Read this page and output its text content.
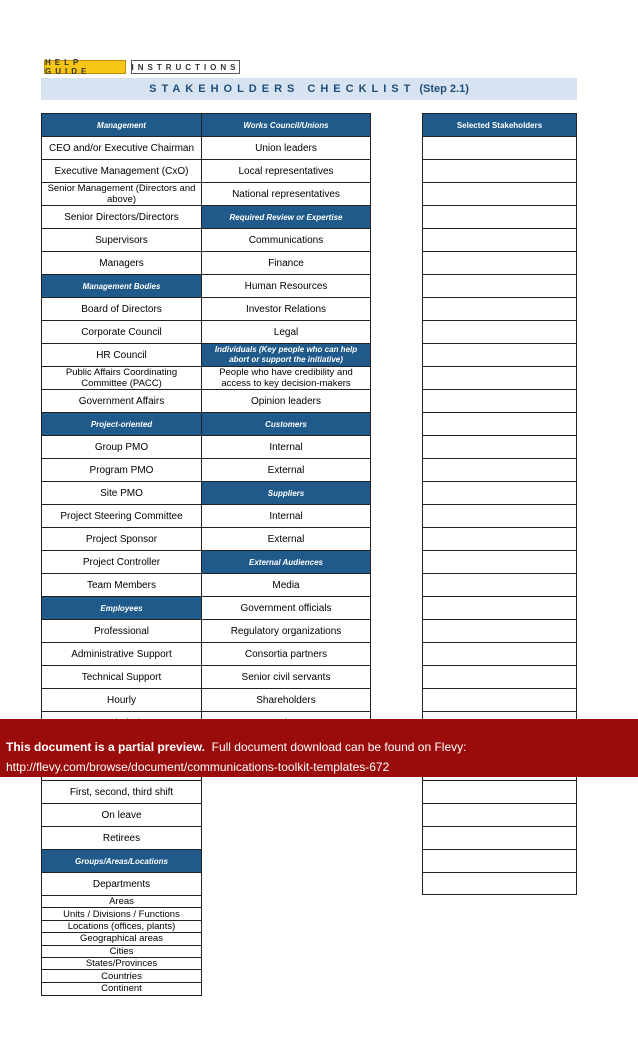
HELP GUIDE	INSTRUCTIONS
STAKEHOLDERS CHECKLIST (Step 2.1)
Management
CEO and/or Executive Chairman
Executive Management (CxO)
Senior Management (Directors and above)
Senior Directors/Directors
Supervisors
Managers
Management Bodies
Board of Directors
Corporate Council
HR Council
Public Affairs Coordinating Committee (PACC)
Government Affairs
Project-oriented
Group PMO
Program PMO
Site PMO
Project Steering Committee
Project Sponsor
Project Controller
Team Members
Employees
Professional
Administrative Support
Technical Support
Hourly
First, second, third shift
On leave
Retirees
Groups/Areas/Locations
Departments
Areas
Units / Divisions / Functions
Locations (offices, plants)
Geographical areas
Cities
States/Provinces
Countries
Continent
Works Council/Unions
Union leaders
Local representatives
National representatives
Required Review or Expertise
Communications
Finance
Human Resources
Investor Relations
Legal
Individuals (Key people who can help abort or support the initiative)
People who have credibility and access to key decision-makers
Opinion leaders
Customers
Internal
External
Suppliers
Internal
External
External Audiences
Media
Government officials
Regulatory organizations
Consortia partners
Senior civil servants
Shareholders
Selected Stakeholders
This document is a partial preview. Full document download can be found on Flevy:
http://flevy.com/browse/document/communications-toolkit-templates-672
